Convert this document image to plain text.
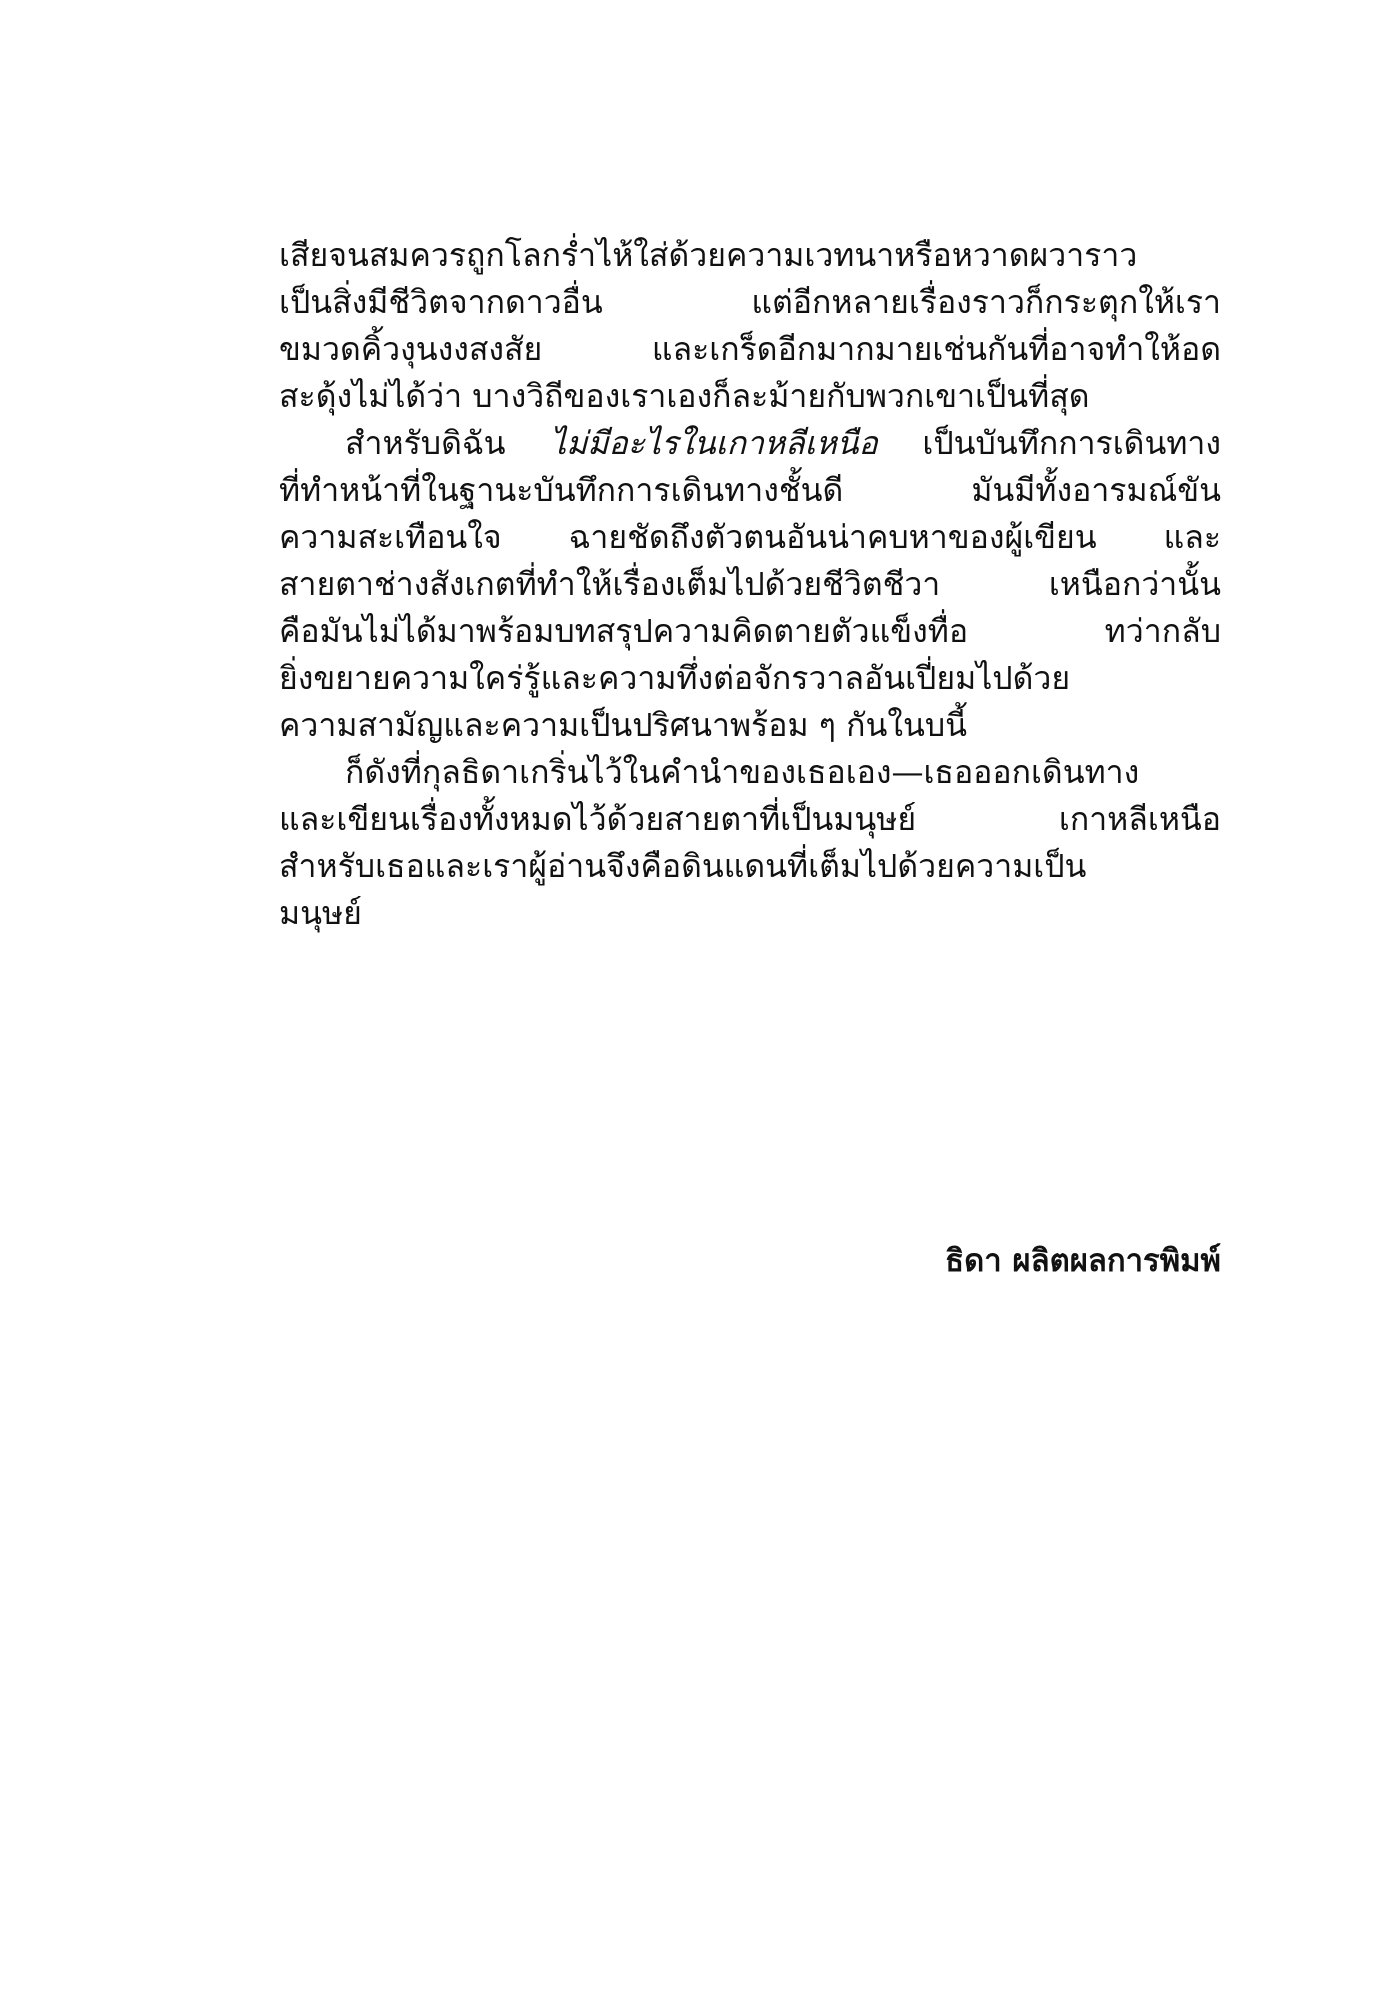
เสียจนสมควรถูกโลกร่ำไห้ใส่ด้วยความเวทนาหรือหวาดผวาราว
เป็นสิ่งมีชีวิตจากดาวอื่น แต่อีกหลายเรื่องราวก็กระตุกให้เรา
ขมวดคิ้วงุนงงสงสัย และเกร็ดอีกมากมายเช่นกันที่อาจทำให้อด
สะดุ้งไม่ได้ว่า บางวิถีของเราเองก็ละม้ายกับพวกเขาเป็นที่สุด
สำหรับดิฉัน ไม่มีอะไรในเกาหลีเหนือ เป็นบันทึกการเดินทาง
ที่ทำหน้าที่ในฐานะบันทึกการเดินทางชั้นดี มันมีทั้งอารมณ์ขัน
ความสะเทือนใจ ฉายชัดถึงตัวตนอันน่าคบหาของผู้เขียน และ
สายตาช่างสังเกตที่ทำให้เรื่องเต็มไปด้วยชีวิตชีวา เหนือกว่านั้น
คือมันไม่ได้มาพร้อมบทสรุปความคิดตายตัวแข็งทื่อ ทว่ากลับ
ยิ่งขยายความใคร่รู้และความทึ่งต่อจักรวาลอันเปี่ยมไปด้วย
ความสามัญและความเป็นปริศนาพร้อม ๆ กันในบนี้
ก็ดังที่กุลธิดาเกริ่นไว้ในคำนำของเธอเอง—เธอออกเดินทาง
และเขียนเรื่องทั้งหมดไว้ด้วยสายตาที่เป็นมนุษย์ เกาหลีเหนือ
สำหรับเธอและเราผู้อ่านจึงคือดินแดนที่เต็มไปด้วยความเป็น
มนุษย์
ธิดา ผลิตผลการพิมพ์
